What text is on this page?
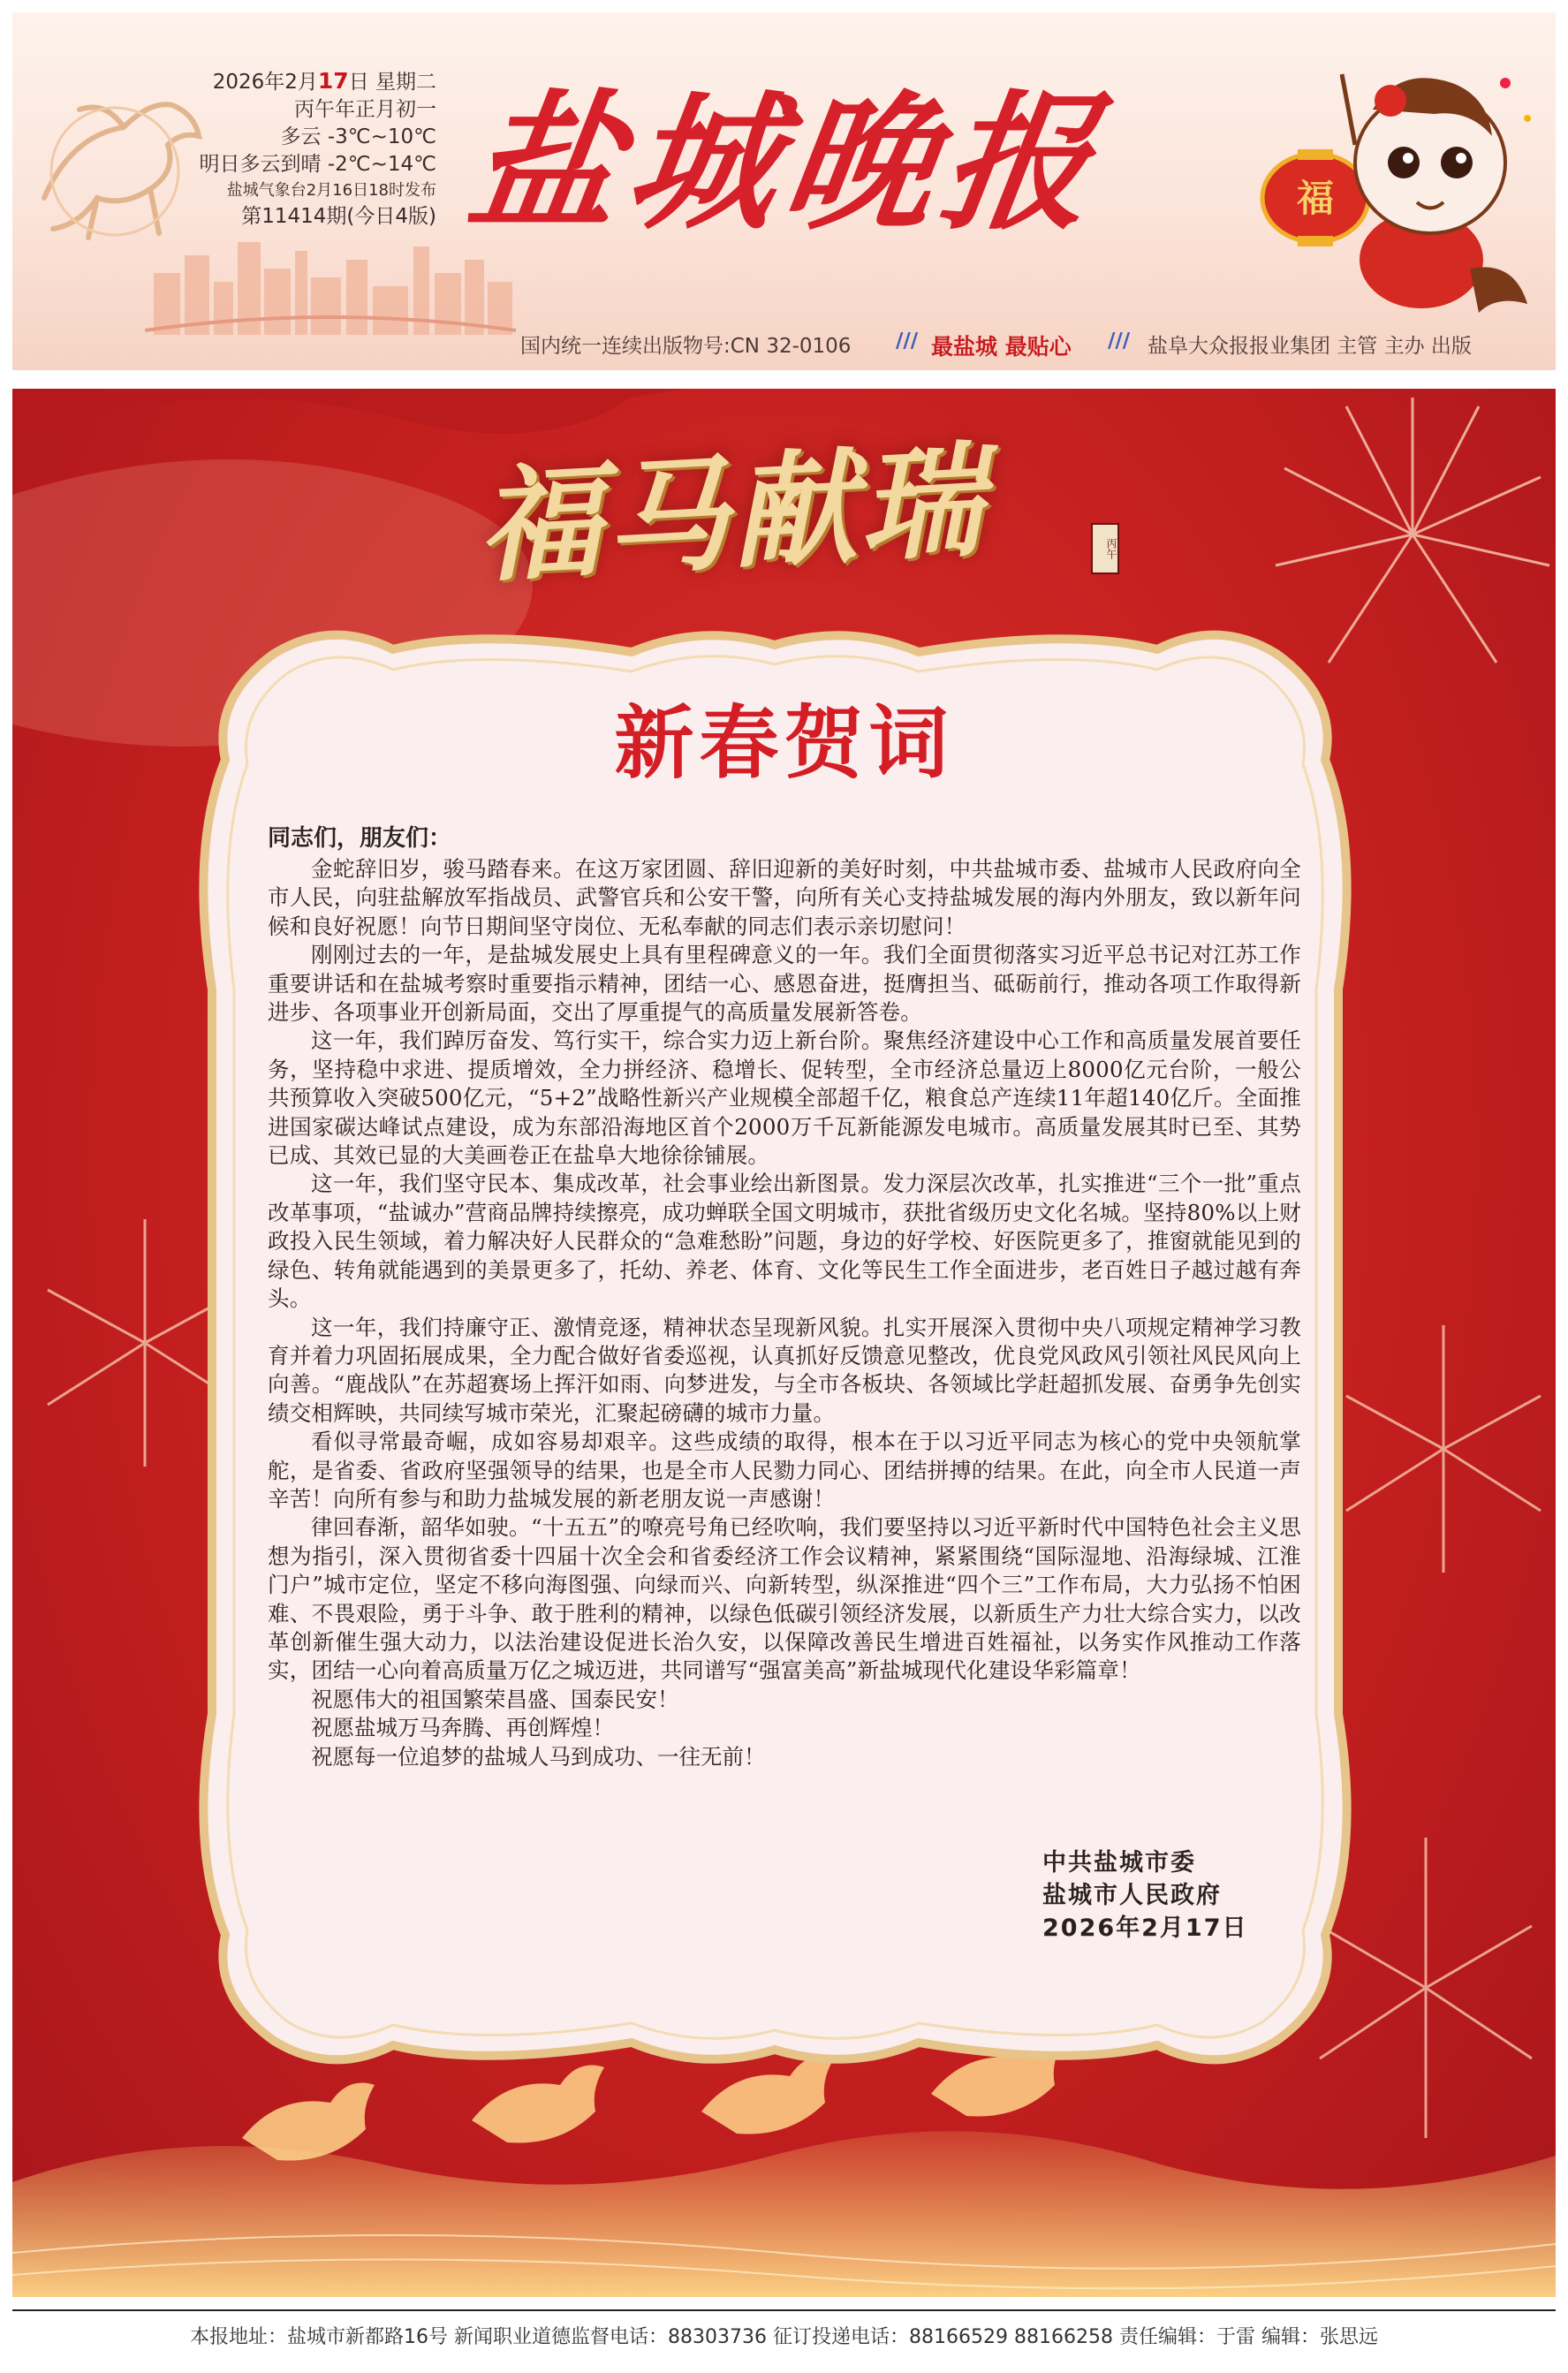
2026年2月17日 星期二
丙午年正月初一
多云 -3℃~10℃
明日多云到晴 -2℃~14℃
盐城气象台2月16日18时发布
第11414期(今日4版) 盐城晚报	福
国内统一连续出版物号:CN 32-0106 /// 最盐城 最贴心 /// 盐阜大众报报业集团 主管 主办 出版
福马献瑞	丙午
新春贺词

同志们，朋友们：

金蛇辞旧岁，骏马踏春来。在这万家团圆、辞旧迎新的美好时刻，中共盐城市委、盐城市人民政府向全市人民，向驻盐解放军指战员、武警官兵和公安干警，向所有关心支持盐城发展的海内外朋友，致以新年问候和良好祝愿！向节日期间坚守岗位、无私奉献的同志们表示亲切慰问！

刚刚过去的一年，是盐城发展史上具有里程碑意义的一年。我们全面贯彻落实习近平总书记对江苏工作重要讲话和在盐城考察时重要指示精神，团结一心、感恩奋进，挺膺担当、砥砺前行，推动各项工作取得新进步、各项事业开创新局面，交出了厚重提气的高质量发展新答卷。

这一年，我们踔厉奋发、笃行实干，综合实力迈上新台阶。聚焦经济建设中心工作和高质量发展首要任务，坚持稳中求进、提质增效，全力拼经济、稳增长、促转型，全市经济总量迈上8000亿元台阶，一般公共预算收入突破500亿元，“5+2”战略性新兴产业规模全部超千亿，粮食总产连续11年超140亿斤。全面推进国家碳达峰试点建设，成为东部沿海地区首个2000万千瓦新能源发电城市。高质量发展其时已至、其势已成、其效已显的大美画卷正在盐阜大地徐徐铺展。

这一年，我们坚守民本、集成改革，社会事业绘出新图景。发力深层次改革，扎实推进“三个一批”重点改革事项，“盐诚办”营商品牌持续擦亮，成功蝉联全国文明城市，获批省级历史文化名城。坚持80%以上财政投入民生领域，着力解决好人民群众的“急难愁盼”问题，身边的好学校、好医院更多了，推窗就能见到的绿色、转角就能遇到的美景更多了，托幼、养老、体育、文化等民生工作全面进步，老百姓日子越过越有奔头。

这一年，我们持廉守正、激情竞逐，精神状态呈现新风貌。扎实开展深入贯彻中央八项规定精神学习教育并着力巩固拓展成果，全力配合做好省委巡视，认真抓好反馈意见整改，优良党风政风引领社风民风向上向善。“鹿战队”在苏超赛场上挥汗如雨、向梦进发，与全市各板块、各领域比学赶超抓发展、奋勇争先创实绩交相辉映，共同续写城市荣光，汇聚起磅礴的城市力量。

看似寻常最奇崛，成如容易却艰辛。这些成绩的取得，根本在于以习近平同志为核心的党中央领航掌舵，是省委、省政府坚强领导的结果，也是全市人民勠力同心、团结拼搏的结果。在此，向全市人民道一声辛苦！向所有参与和助力盐城发展的新老朋友说一声感谢！

律回春渐，韶华如驶。“十五五”的嘹亮号角已经吹响，我们要坚持以习近平新时代中国特色社会主义思想为指引，深入贯彻省委十四届十次全会和省委经济工作会议精神，紧紧围绕“国际湿地、沿海绿城、江淮门户”城市定位，坚定不移向海图强、向绿而兴、向新转型，纵深推进“四个三”工作布局，大力弘扬不怕困难、不畏艰险，勇于斗争、敢于胜利的精神，以绿色低碳引领经济发展，以新质生产力壮大综合实力，以改革创新催生强大动力，以法治建设促进长治久安，以保障改善民生增进百姓福祉，以务实作风推动工作落实，团结一心向着高质量万亿之城迈进，共同谱写“强富美高”新盐城现代化建设华彩篇章！

祝愿伟大的祖国繁荣昌盛、国泰民安！

祝愿盐城万马奔腾、再创辉煌！

祝愿每一位追梦的盐城人马到成功、一往无前！

中共盐城市委
盐城市人民政府
2026年2月17日
本报地址：盐城市新都路16号 新闻职业道德监督电话：88303736 征订投递电话：88166529 88166258 责任编辑：于雷 编辑：张思远
